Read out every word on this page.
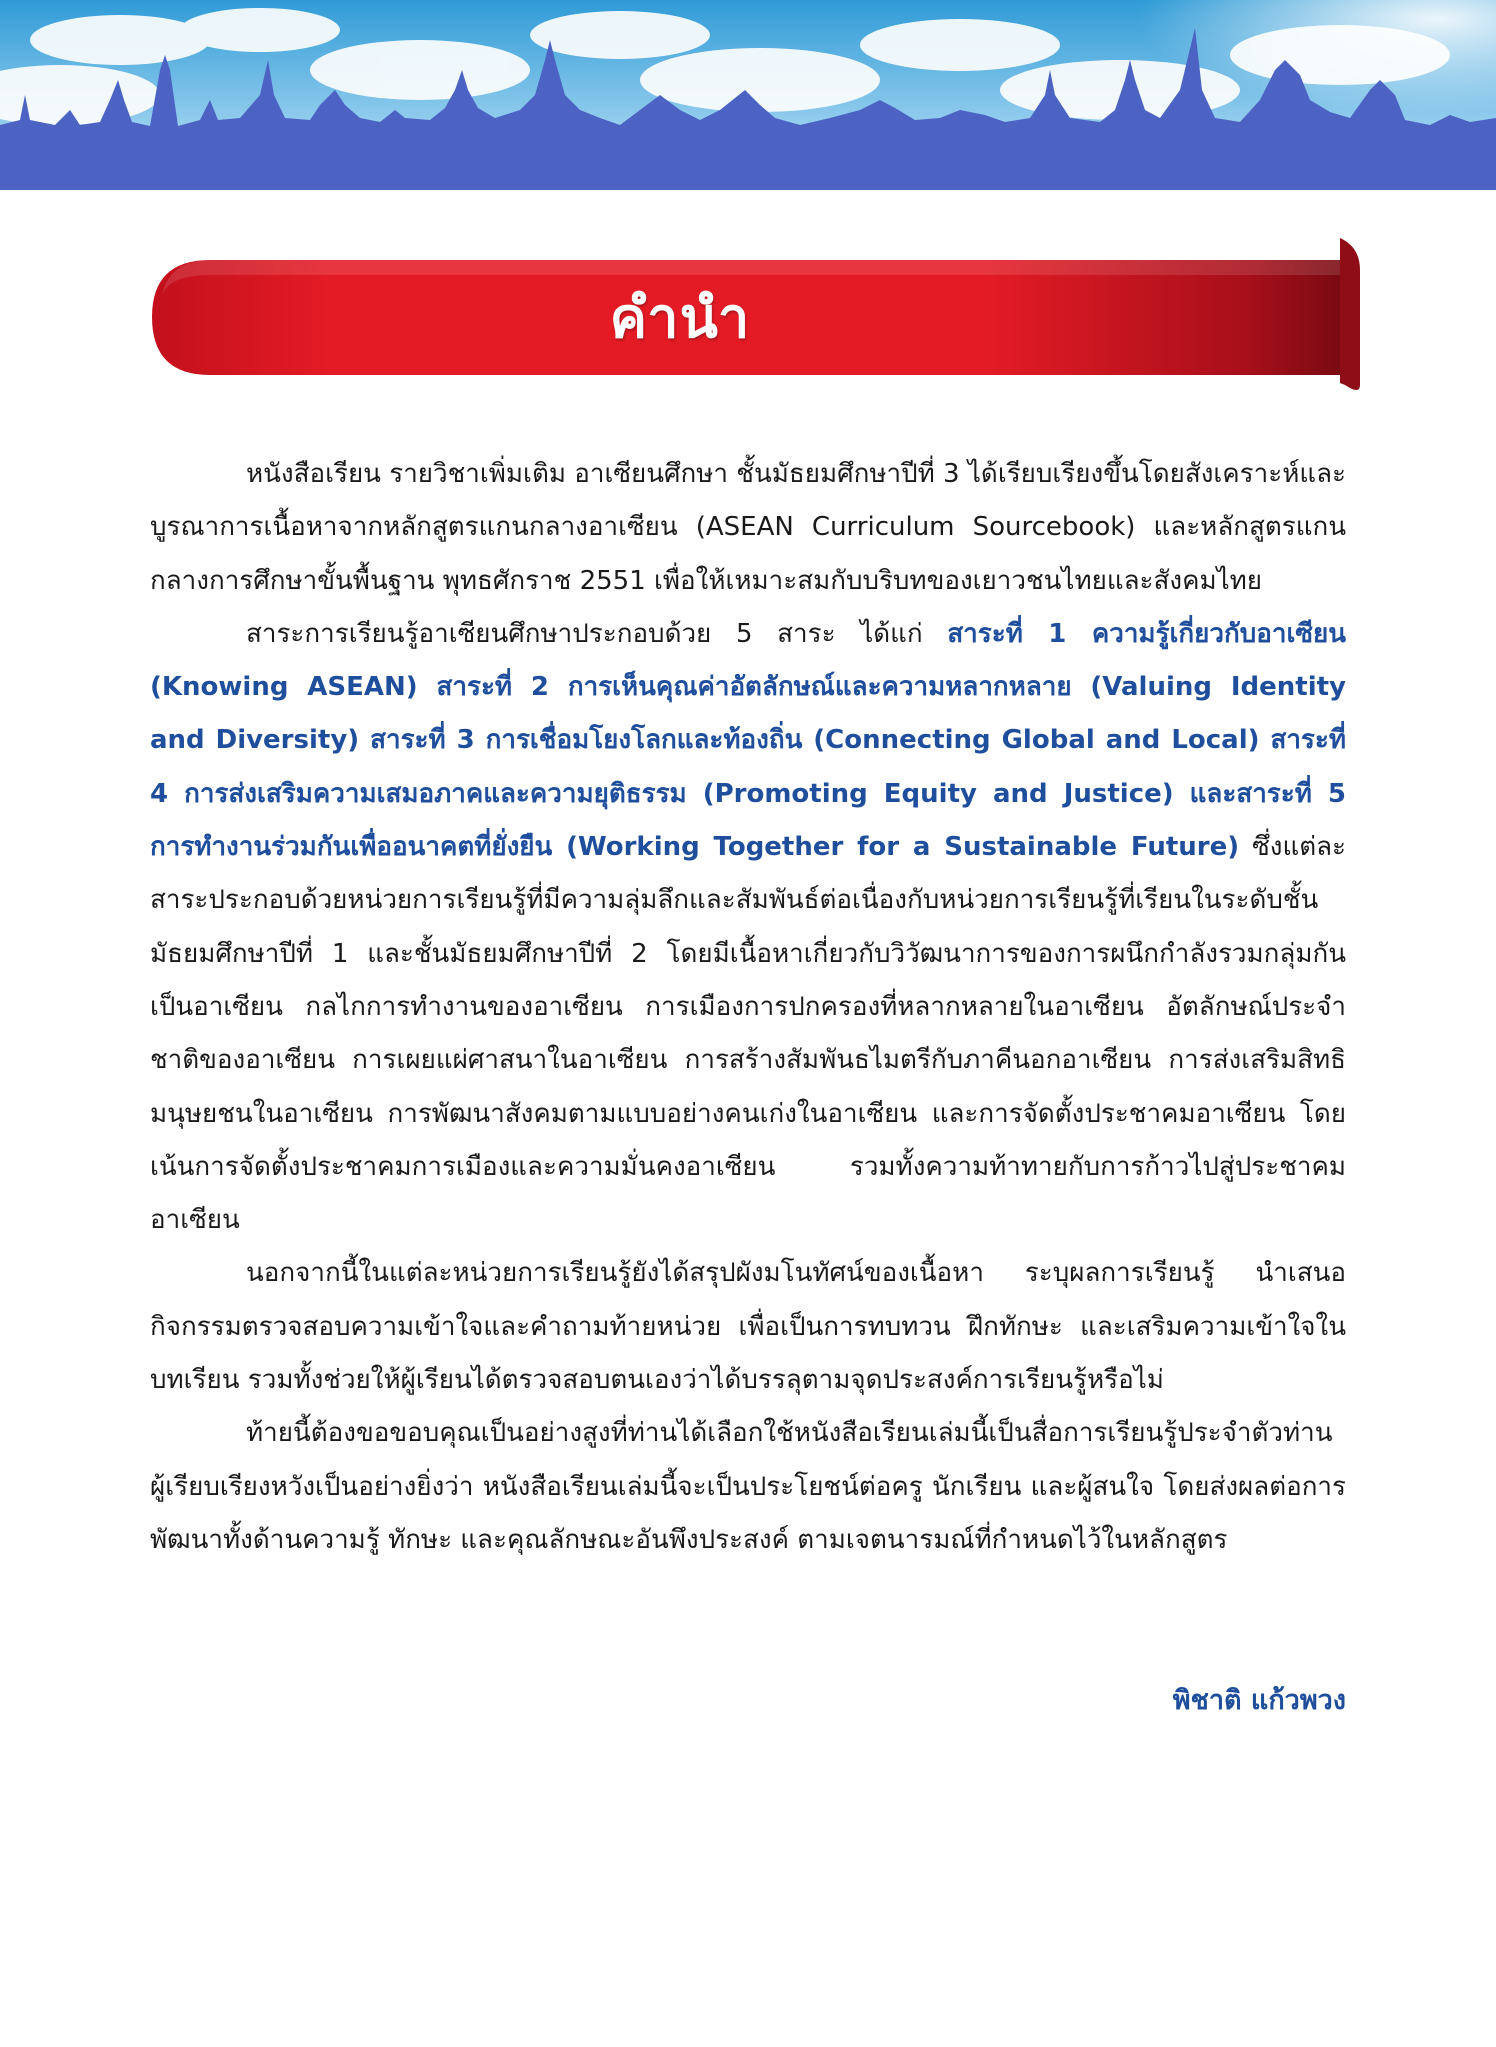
คำนำ

หนังสือเรียน รายวิชาเพิ่มเติม อาเซียนศึกษา ชั้นมัธยมศึกษาปีที่ 3 ได้เรียบเรียงขึ้นโดยสังเคราะห์และบูรณาการเนื้อหาจากหลักสูตรแกนกลางอาเซียน (ASEAN Curriculum Sourcebook) และหลักสูตรแกนกลางการศึกษาขั้นพื้นฐาน พุทธศักราช 2551 เพื่อให้เหมาะสมกับบริบทของเยาวชนไทยและสังคมไทย

สาระการเรียนรู้อาเซียนศึกษาประกอบด้วย 5 สาระ ได้แก่ สาระที่ 1 ความรู้เกี่ยวกับอาเซียน (Knowing ASEAN) สาระที่ 2 การเห็นคุณค่าอัตลักษณ์และความหลากหลาย (Valuing Identity and Diversity) สาระที่ 3 การเชื่อมโยงโลกและท้องถิ่น (Connecting Global and Local) สาระที่ 4 การส่งเสริมความเสมอภาคและความยุติธรรม (Promoting Equity and Justice) และสาระที่ 5 การทำงานร่วมกันเพื่ออนาคตที่ยั่งยืน (Working Together for a Sustainable Future) ซึ่งแต่ละสาระประกอบด้วยหน่วยการเรียนรู้ที่มีความลุ่มลึกและสัมพันธ์ต่อเนื่องกับหน่วยการเรียนรู้ที่เรียนในระดับชั้นมัธยมศึกษาปีที่ 1 และชั้นมัธยมศึกษาปีที่ 2 โดยมีเนื้อหาเกี่ยวกับวิวัฒนาการของการผนึกกำลังรวมกลุ่มกันเป็นอาเซียน กลไกการทำงานของอาเซียน การเมืองการปกครองที่หลากหลายในอาเซียน อัตลักษณ์ประจำชาติของอาเซียน การเผยแผ่ศาสนาในอาเซียน การสร้างสัมพันธไมตรีกับภาคีนอกอาเซียน การส่งเสริมสิทธิมนุษยชนในอาเซียน การพัฒนาสังคมตามแบบอย่างคนเก่งในอาเซียน และการจัดตั้งประชาคมอาเซียน โดยเน้นการจัดตั้งประชาคมการเมืองและความมั่นคงอาเซียน รวมทั้งความท้าทายกับการก้าวไปสู่ประชาคมอาเซียน

นอกจากนี้ในแต่ละหน่วยการเรียนรู้ยังได้สรุปผังมโนทัศน์ของเนื้อหา ระบุผลการเรียนรู้ นำเสนอกิจกรรมตรวจสอบความเข้าใจและคำถามท้ายหน่วย เพื่อเป็นการทบทวน ฝึกทักษะ และเสริมความเข้าใจในบทเรียน รวมทั้งช่วยให้ผู้เรียนได้ตรวจสอบตนเองว่าได้บรรลุตามจุดประสงค์การเรียนรู้หรือไม่

ท้ายนี้ต้องขอขอบคุณเป็นอย่างสูงที่ท่านได้เลือกใช้หนังสือเรียนเล่มนี้เป็นสื่อการเรียนรู้ประจำตัวท่าน ผู้เรียบเรียงหวังเป็นอย่างยิ่งว่า หนังสือเรียนเล่มนี้จะเป็นประโยชน์ต่อครู นักเรียน และผู้สนใจ โดยส่งผลต่อการพัฒนาทั้งด้านความรู้ ทักษะ และคุณลักษณะอันพึงประสงค์ ตามเจตนารมณ์ที่กำหนดไว้ในหลักสูตร

พิชาติ แก้วพวง
